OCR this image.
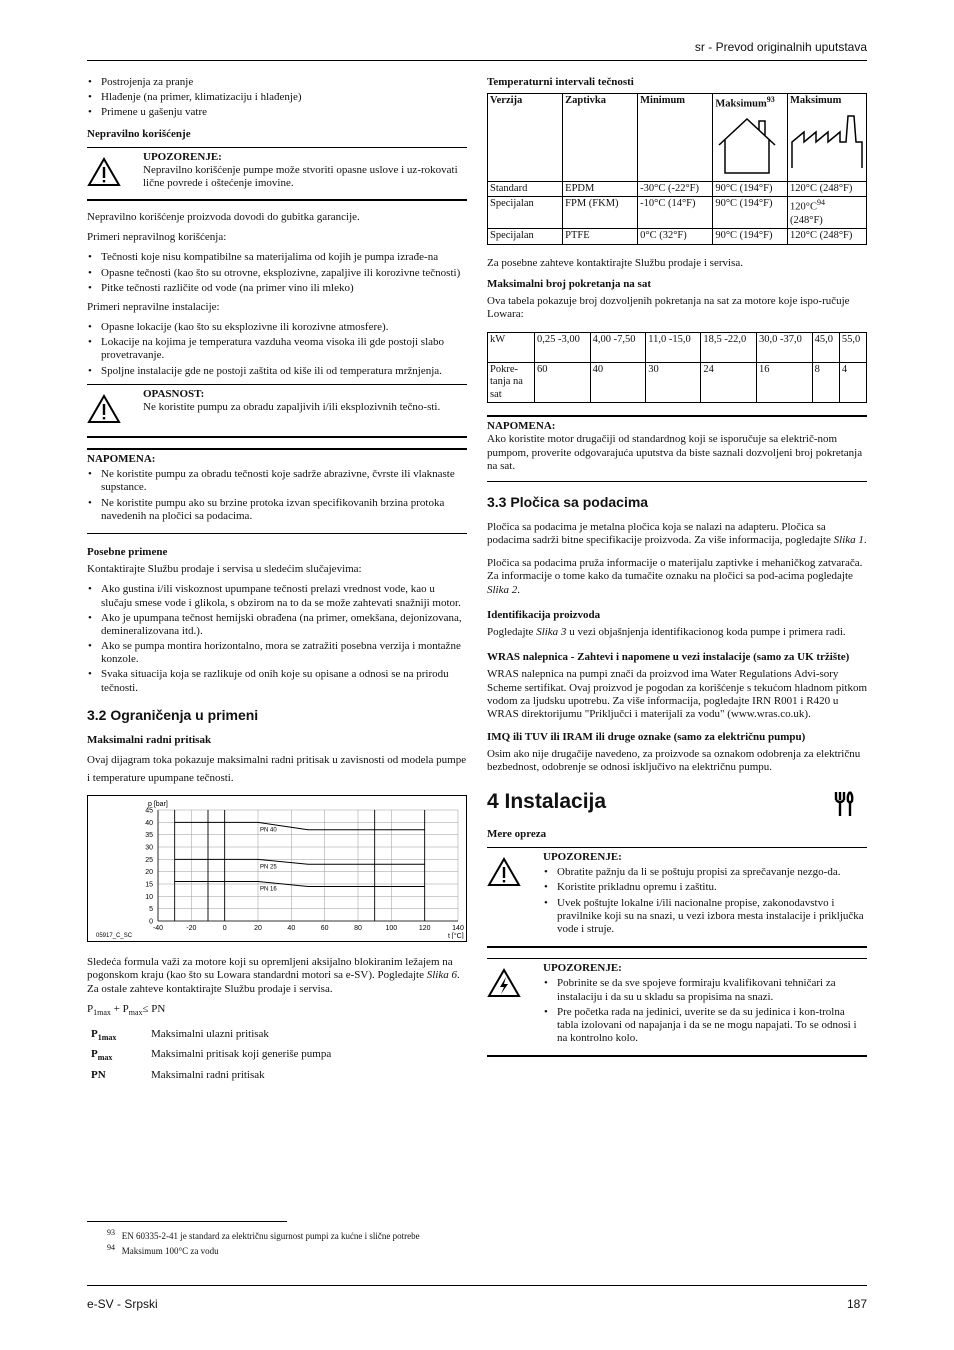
sr - Prevod originalnih uputstava
• Postrojenja za pranje
• Hlađenje (na primer, klimatizaciju i hlađenje)
• Primene u gašenju vatre
Nepravilno korišćenje
UPOZORENJE:
Nepravilno korišćenje pumpe može stvoriti opasne uslove i uz-rokovati lične povrede i oštećenje imovine.

Nepravilno korišćenje proizvoda dovodi do gubitka garancije.

Primeri nepravilnog korišćenja:

• Tečnosti koje nisu kompatibilne sa materijalima od kojih je pumpa izrađe-na
• Opasne tečnosti (kao što su otrovne, eksplozivne, zapaljive ili korozivne tečnosti)
• Pitke tečnosti različite od vode (na primer vino ili mleko)

Primeri nepravilne instalacije:

• Opasne lokacije (kao što su eksplozivne ili korozivne atmosfere).
• Lokacije na kojima je temperatura vazduha veoma visoka ili gde postoji slabo provetravanje.
• Spoljne instalacije gde ne postoji zaštita od kiše ili od temperatura mržnjenja.
OPASNOST:
Ne koristite pumpu za obradu zapaljivih i/ili eksplozivnih tečno-sti.
NAPOMENA:
• Ne koristite pumpu za obradu tečnosti koje sadrže abrazivne, čvrste ili vlaknaste supstance.
• Ne koristite pumpu ako su brzine protoka izvan specifikovanih brzina protoka navedenih na pločici sa podacima.
Posebne primene

Kontaktirajte Službu prodaje i servisa u sledećim slučajevima:

• Ako gustina i/ili viskoznost upumpane tečnosti prelazi vrednost vode, kao u slučaju smese vode i glikola, s obzirom na to da se može zahtevati snažniji motor.
• Ako je upumpana tečnost hemijski obrađena (na primer, omekšana, dejonizovana, demineralizovana itd.).
• Ako se pumpa montira horizontalno, mora se zatražiti posebna verzija i montažne konzole.
• Svaka situacija koja se razlikuje od onih koje su opisane a odnosi se na prirodu tečnosti.
3.2 Ograničenja u primeni
Maksimalni radni pritisak

Ovaj dijagram toka pokazuje maksimalni radni pritisak u zavisnosti od modela pumpe i temperature upumpane tečnosti.

0
5
10
15
20
25
30
35
40
45
-40	-20	0	20	40	60	80	100	120	140
PN 40
PN 25
PN 16
p [bar]
t [°C]
05917_C_SC

Sledeća formula važi za motore koji su opremljeni aksijalno blokiranim ležajem na pogonskom kraju (kao što su Lowara standardni motori sa e-SV). Pogledajte Slika 6. Za ostale zahteve kontaktirajte Službu prodaje i servisa.

$P_{1max} + P_{max}\le$ PN

$P_{1max}$	Maksimalni ulazni pritisak
$P_{max}$	Maksimalni pritisak koji generiše pumpa
PN	Maksimalni radni pritisak
Temperaturni intervali tečnosti
Verzija	Zaptivka	Minimum	Maksimum$^{93}$	Maksimum

Standard	EPDM	-30°C (-22°F)	90°C (194°F)	120°C (248°F)
Specijalan	FPM (FKM)	-10°C (14°F)	90°C (194°F)	$120^\circ C^{94}$
(248°F)
Specijalan	PTFE	0°C (32°F)	90°C (194°F)	120°C (248°F)

Za posebne zahteve kontaktirajte Službu prodaje i servisa.

Maksimalni broj pokretanja na sat

Ova tabela pokazuje broj dozvoljenih pokretanja na sat za motore koje ispo-ručuje Lowara:

kW	0,25 -3,00	4,00 -7,50	11,0 -15,0	18,5 -22,0	30,0 -37,0	45,0	55,0
Pokre-tanja na sat	60	40	30	24	16	8	4
NAPOMENA:
Ako koristite motor drugačiji od standardnog koji se isporučuje sa električ-nom pumpom, proverite odgovarajuća uputstva da biste saznali dozvoljeni broj pokretanja na sat.
3.3 Pločica sa podacima

Pločica sa podacima je metalna pločica koja se nalazi na adapteru. Pločica sa podacima sadrži bitne specifikacije proizvoda. Za više informacija, pogledajte Slika 1.

Pločica sa podacima pruža informacije o materijalu zaptivke i mehaničkog zatvarača. Za informacije o tome kako da tumačite oznaku na pločici sa pod-acima pogledajte Slika 2.

Identifikacija proizvoda

Pogledajte Slika 3 u vezi objašnjenja identifikacionog koda pumpe i primera radi.

WRAS nalepnica - Zahtevi i napomene u vezi instalacije (samo za UK tržište)

WRAS nalepnica na pumpi znači da proizvod ima Water Regulations Advi-sory Scheme sertifikat. Ovaj proizvod je pogodan za korišćenje s tekućom hladnom pitkom vodom za ljudsku upotrebu. Za više informacija, pogledajte IRN R001 i R420 u WRAS direktorijumu "Priključci i materijali za vodu" (www.wras.co.uk).

IMQ ili TUV ili IRAM ili druge oznake (samo za električnu pumpu)

Osim ako nije drugačije navedeno, za proizvode sa oznakom odobrenja za električnu bezbednost, odobrenje se odnosi isključivo na električnu pumpu.

4 Instalacija
Mere opreza
UPOZORENJE:
• Obratite pažnju da li se poštuju propisi za sprečavanje nezgo-da.
• Koristite prikladnu opremu i zaštitu.
• Uvek poštujte lokalne i/ili nacionalne propise, zakonodavstvo i pravilnike koji su na snazi, u vezi izbora mesta instalacije i priključka vode i struje.
UPOZORENJE:
• Pobrinite se da sve spojeve formiraju kvalifikovani tehničari za instalaciju i da su u skladu sa propisima na snazi.
• Pre početka rada na jedinici, uverite se da su jedinica i kon-trolna tabla izolovani od napajanja i da se ne mogu napajati. To se odnosi i na kontrolno kolo.
$^{93}$ EN 60335-2-41 je standard za električnu sigurnost pumpi za kućne i slične potrebe
$^{94}$ Maksimum 100°C za vodu
e-SV - Srpski	187
